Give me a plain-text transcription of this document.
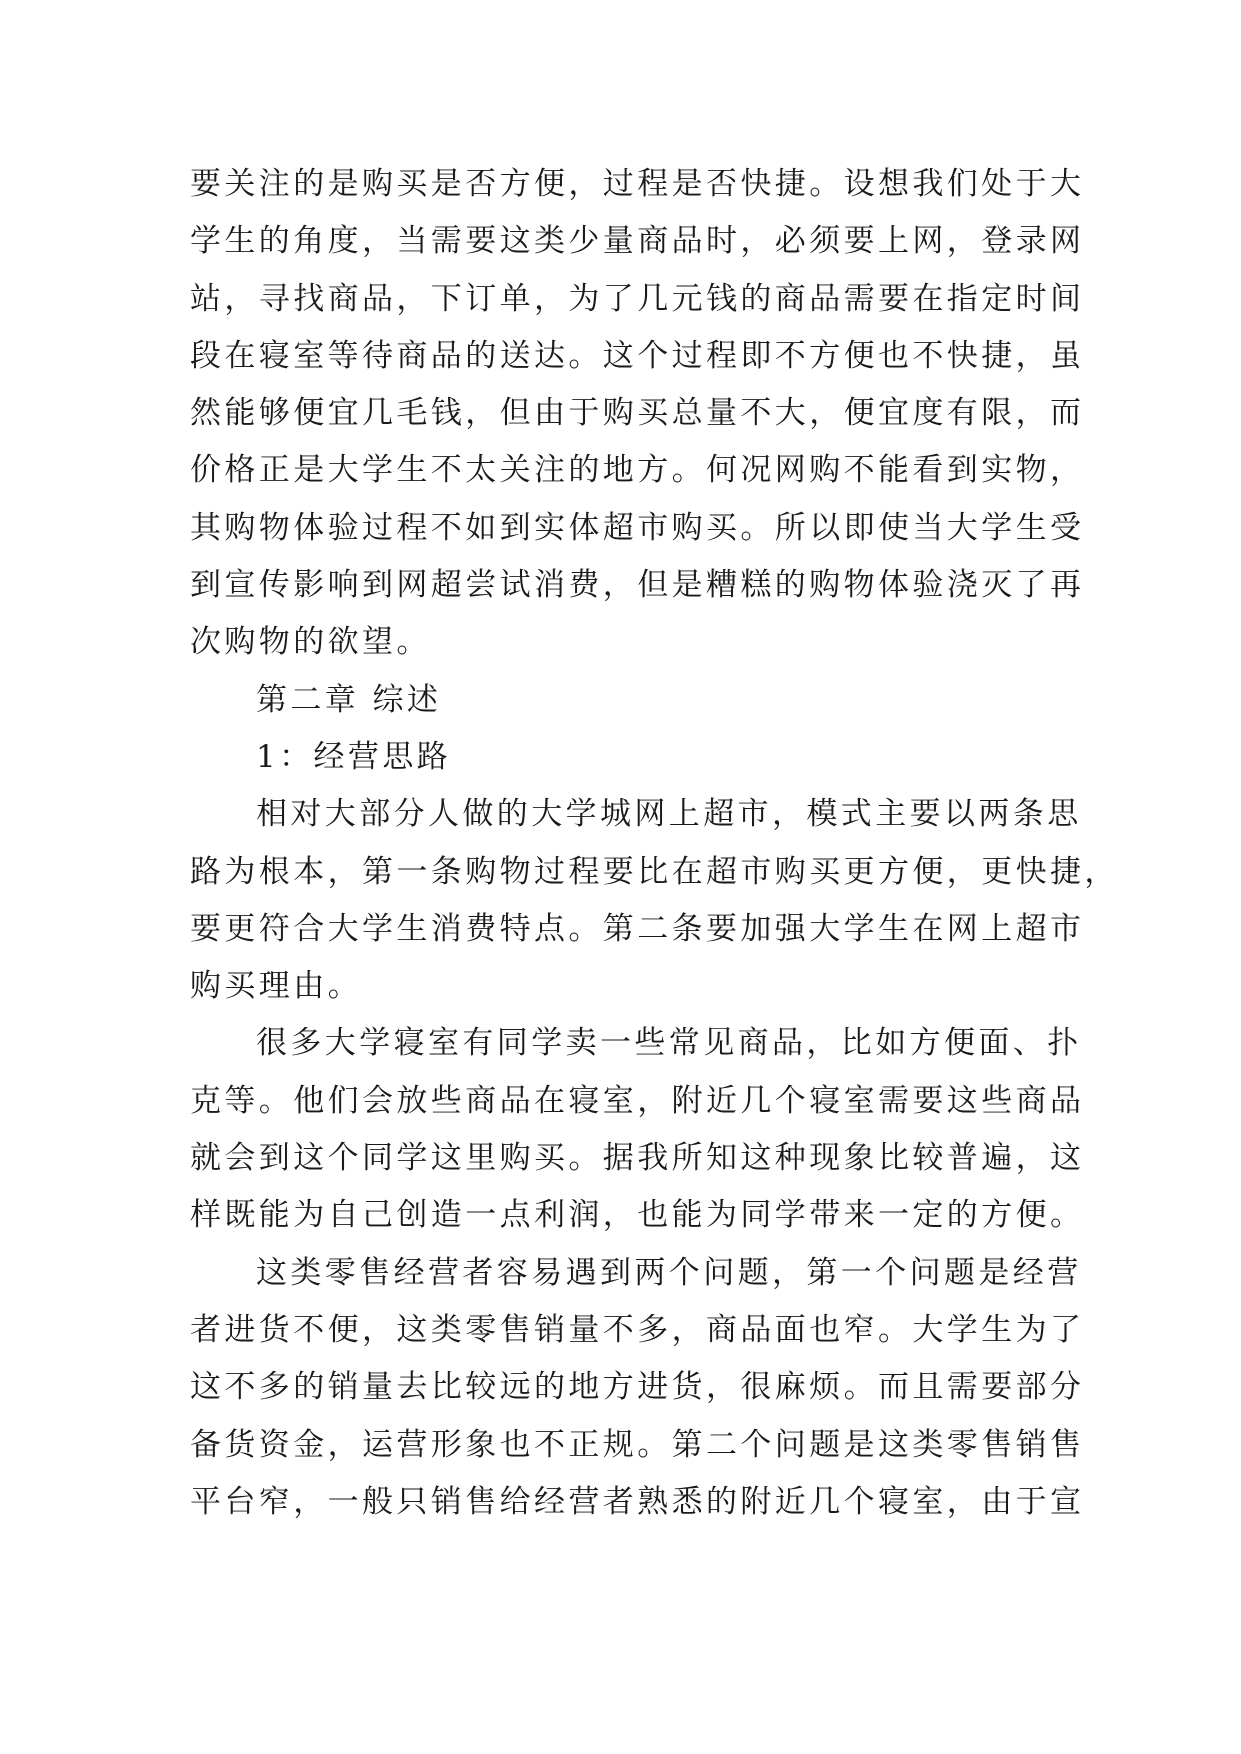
要关注的是购买是否方便，过程是否快捷。设想我们处于大
学生的角度，当需要这类少量商品时，必须要上网，登录网
站，寻找商品，下订单，为了几元钱的商品需要在指定时间
段在寝室等待商品的送达。这个过程即不方便也不快捷，虽
然能够便宜几毛钱，但由于购买总量不大，便宜度有限，而
价格正是大学生不太关注的地方。何况网购不能看到实物，
其购物体验过程不如到实体超市购买。所以即使当大学生受
到宣传影响到网超尝试消费，但是糟糕的购物体验浇灭了再
次购物的欲望。
第二章 综述
1：经营思路
相对大部分人做的大学城网上超市，模式主要以两条思
路为根本，第一条购物过程要比在超市购买更方便，更快捷，
要更符合大学生消费特点。第二条要加强大学生在网上超市
购买理由。
很多大学寝室有同学卖一些常见商品，比如方便面、扑
克等。他们会放些商品在寝室，附近几个寝室需要这些商品
就会到这个同学这里购买。据我所知这种现象比较普遍，这
样既能为自己创造一点利润，也能为同学带来一定的方便。
这类零售经营者容易遇到两个问题，第一个问题是经营
者进货不便，这类零售销量不多，商品面也窄。大学生为了
这不多的销量去比较远的地方进货，很麻烦。而且需要部分
备货资金，运营形象也不正规。第二个问题是这类零售销售
平台窄，一般只销售给经营者熟悉的附近几个寝室，由于宣
